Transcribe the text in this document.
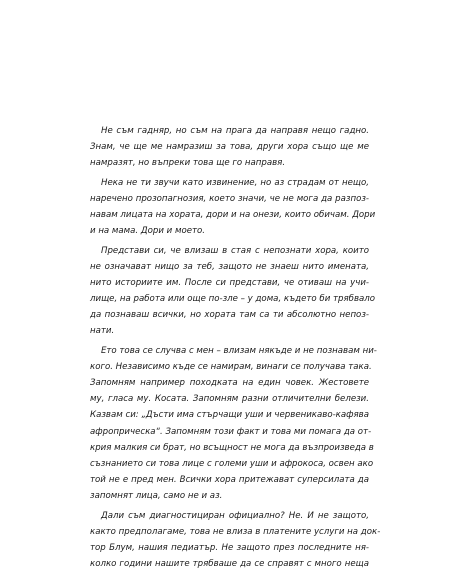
Не съм гадняр, но съм на прага да направя нещо гадно.
Знам, че ще ме намразиш за това, други хора също ще ме
намразят, но въпреки това ще го направя.
Нека не ти звучи като извинение, но аз страдам от нещо,
наречено прозопагнозия, което значи, че не мога да разпоз-
навам лицата на хората, дори и на онези, които обичам. Дори
и на мама. Дори и моето.
Представи си, че влизаш в стая с непознати хора, които
не означават нищо за теб, защото не знаеш нито имената,
нито историите им. После си представи, че отиваш на учи-
лище, на работа или още по-зле – у дома, където би трябвало
да познаваш всички, но хората там са ти абсолютно непоз-
нати.
Ето това се случва с мен – влизам някъде и не познавам ни-
кого. Независимо къде се намирам, винаги се получава така.
Запомням например походката на един човек. Жестовете
му, гласа му. Косата. Запомням разни отличителни белези.
Казвам си: „Дъсти има стърчащи уши и червеникаво-кафява
афроприческа“. Запомням този факт и това ми помага да от-
крия малкия си брат, но всъщност не мога да възпроизведа в
съзнанието си това лице с големи уши и афрокоса, освен ако
той не е пред мен. Всички хора притежават суперсилата да
запомнят лица, само не и аз.
Дали съм диагностициран официално? Не. И не защото,
както предполагаме, това не влиза в платените услуги на док-
тор Блум, нашия педиатър. Не защото през последните ня-
колко години нашите трябваше да се справят с много неща
